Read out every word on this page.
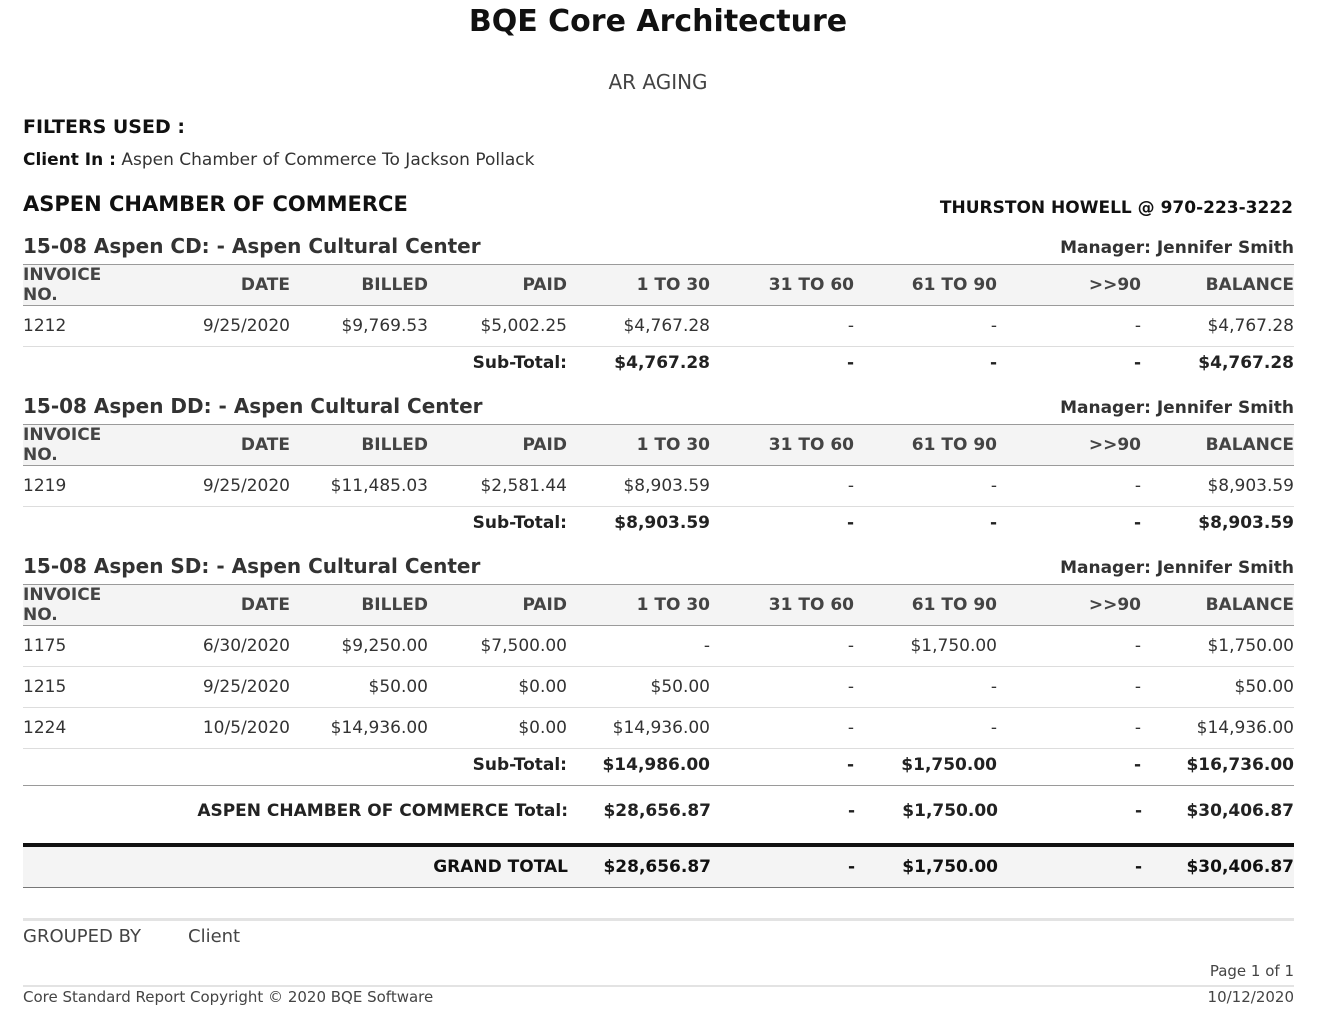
BQE Core Architecture
AR AGING
FILTERS USED :
Client In : Aspen Chamber of Commerce To Jackson Pollack
ASPEN CHAMBER OF COMMERCE	THURSTON HOWELL @ 970-223-3222
15-08 Aspen CD: - Aspen Cultural Center	Manager: Jennifer Smith
INVOICE NO.	DATE	BILLED	PAID	1 TO 30	31 TO 60	61 TO 90	>>90	BALANCE
1212	9/25/2020	$9,769.53	$5,002.25	$4,767.28	-	-	-	$4,767.28
Sub-Total:				$4,767.28	-	-	-	$4,767.28
15-08 Aspen DD: - Aspen Cultural Center	Manager: Jennifer Smith
INVOICE NO.	DATE	BILLED	PAID	1 TO 30	31 TO 60	61 TO 90	>>90	BALANCE
1219	9/25/2020	$11,485.03	$2,581.44	$8,903.59	-	-	-	$8,903.59
Sub-Total:				$8,903.59	-	-	-	$8,903.59
15-08 Aspen SD: - Aspen Cultural Center	Manager: Jennifer Smith
INVOICE NO.	DATE	BILLED	PAID	1 TO 30	31 TO 60	61 TO 90	>>90	BALANCE
1175	6/30/2020	$9,250.00	$7,500.00	-	-	$1,750.00	-	$1,750.00
1215	9/25/2020	$50.00	$0.00	$50.00	-	-	-	$50.00
1224	10/5/2020	$14,936.00	$0.00	$14,936.00	-	-	-	$14,936.00
Sub-Total:				$14,986.00	-	$1,750.00	-	$16,736.00
ASPEN CHAMBER OF COMMERCE Total:	$28,656.87	-	$1,750.00	-	$30,406.87
GRAND TOTAL	$28,656.87	-	$1,750.00	-	$30,406.87
GROUPED BY	Client
Page 1 of 1
Core Standard Report Copyright © 2020 BQE Software	10/12/2020
